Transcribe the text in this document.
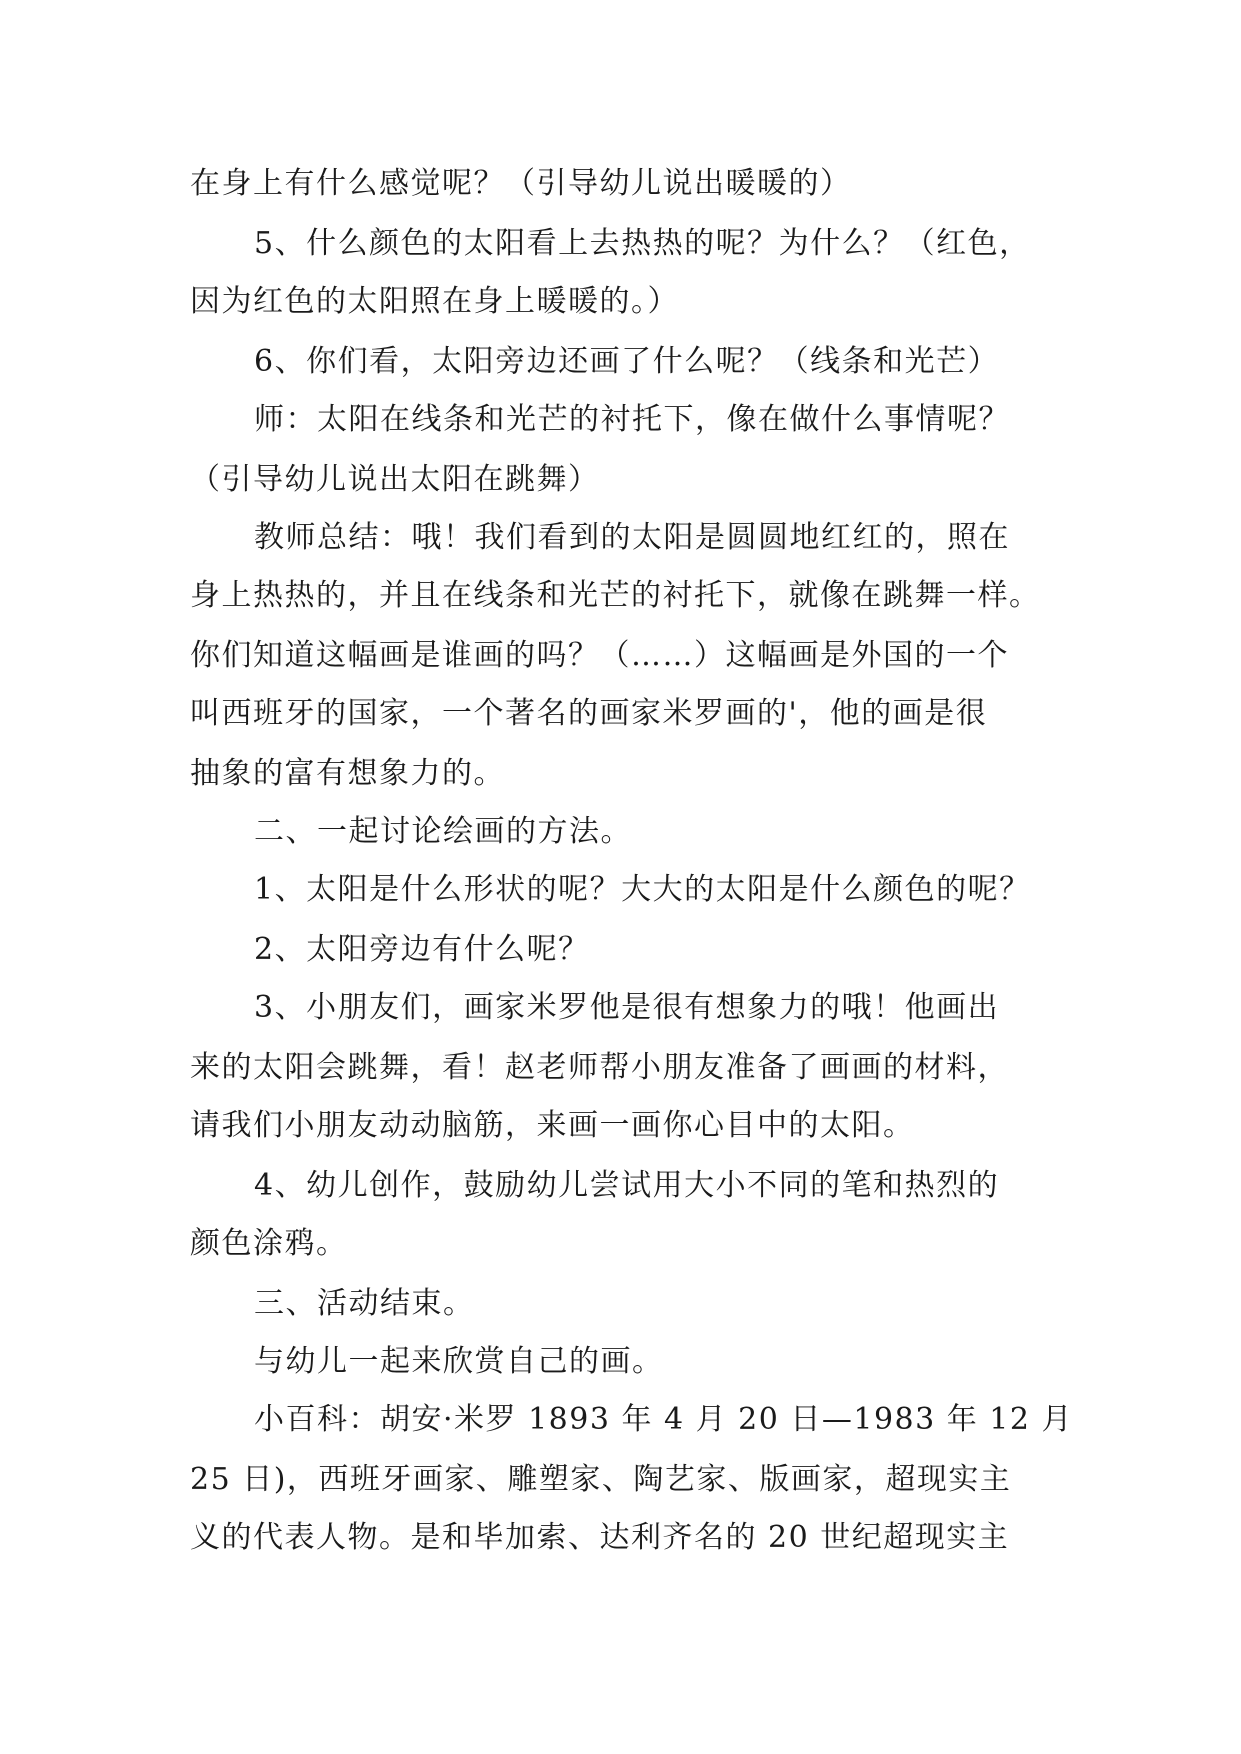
在身上有什么感觉呢？（引导幼儿说出暖暖的）
5、什么颜色的太阳看上去热热的呢？为什么？（红色，
因为红色的太阳照在身上暖暖的。）
6、你们看，太阳旁边还画了什么呢？（线条和光芒）
师：太阳在线条和光芒的衬托下，像在做什么事情呢？
（引导幼儿说出太阳在跳舞）
教师总结：哦！我们看到的太阳是圆圆地红红的，照在
身上热热的，并且在线条和光芒的衬托下，就像在跳舞一样。
你们知道这幅画是谁画的吗？（……）这幅画是外国的一个
叫西班牙的国家，一个著名的画家米罗画的'，他的画是很
抽象的富有想象力的。
二、一起讨论绘画的方法。
1、太阳是什么形状的呢？大大的太阳是什么颜色的呢？
2、太阳旁边有什么呢？
3、小朋友们，画家米罗他是很有想象力的哦！他画出
来的太阳会跳舞，看！赵老师帮小朋友准备了画画的材料，
请我们小朋友动动脑筋，来画一画你心目中的太阳。
4、幼儿创作，鼓励幼儿尝试用大小不同的笔和热烈的
颜色涂鸦。
三、活动结束。
与幼儿一起来欣赏自己的画。
小百科：胡安·米罗 1893 年 4 月 20 日—1983 年 12 月
25 日)，西班牙画家、雕塑家、陶艺家、版画家，超现实主
义的代表人物。是和毕加索、达利齐名的 20 世纪超现实主
